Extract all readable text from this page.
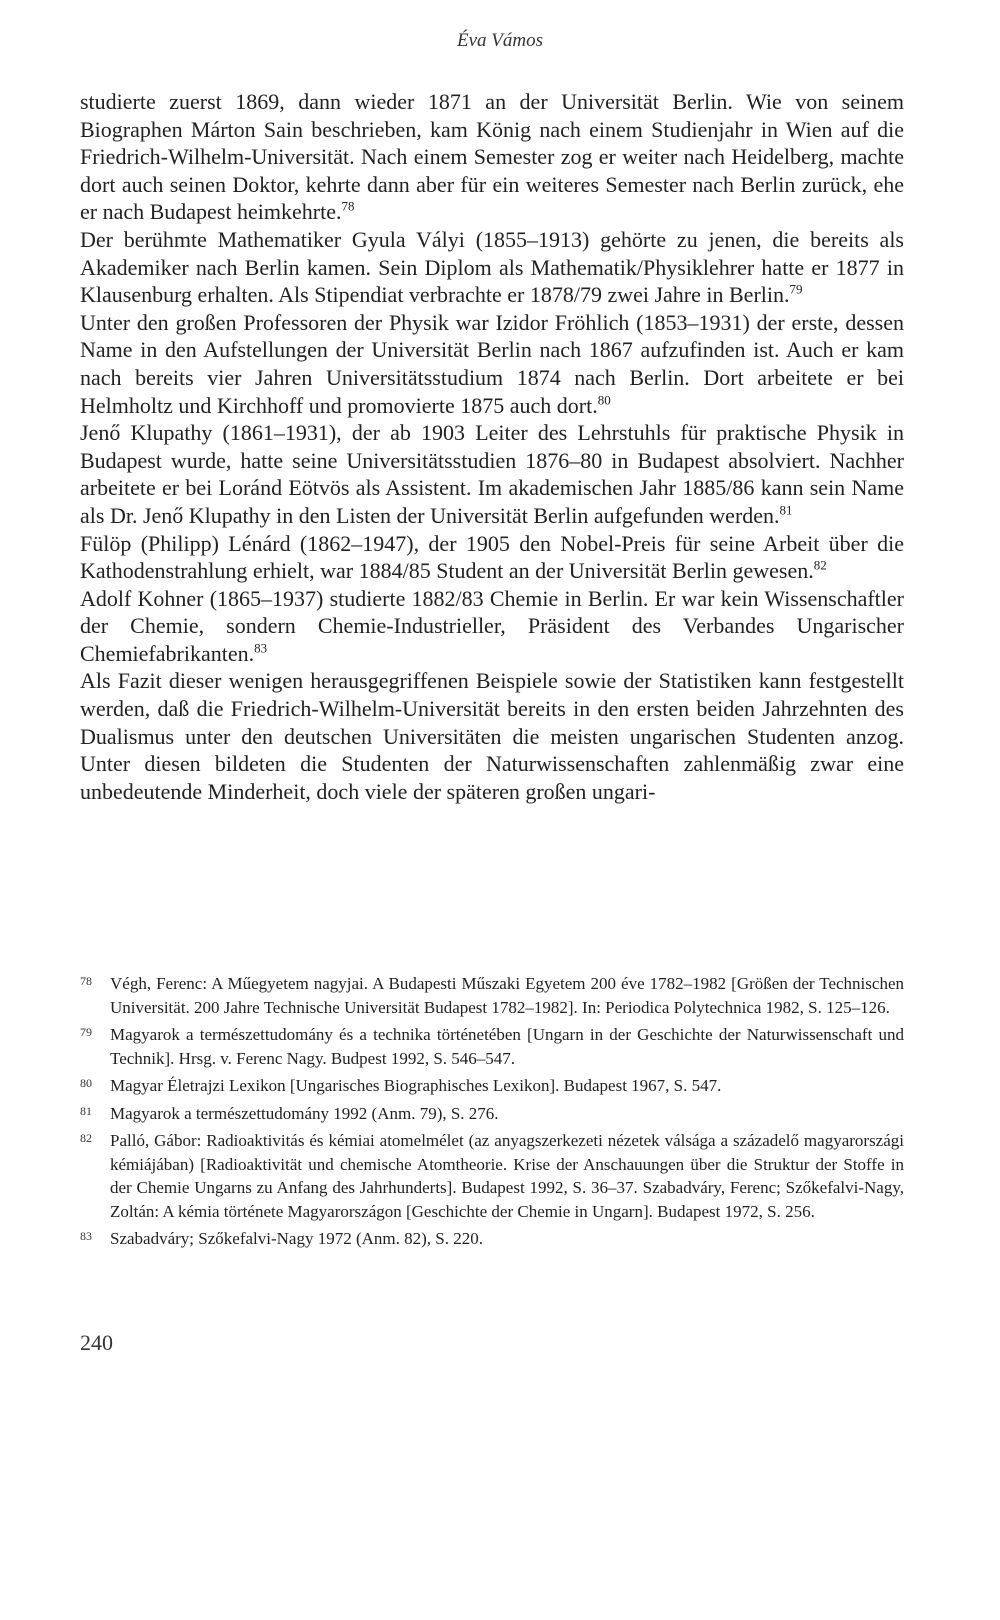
Éva Vámos

studierte zuerst 1869, dann wieder 1871 an der Universität Berlin. Wie von seinem Biographen Márton Sain beschrieben, kam König nach einem Studienjahr in Wien auf die Friedrich-Wilhelm-Universität. Nach einem Semester zog er weiter nach Heidelberg, machte dort auch seinen Doktor, kehrte dann aber für ein weiteres Semester nach Berlin zurück, ehe er nach Budapest heimkehrte.$^{78}$

Der berühmte Mathematiker Gyula Vályi (1855–1913) gehörte zu jenen, die bereits als Akademiker nach Berlin kamen. Sein Diplom als Mathematik/Physiklehrer hatte er 1877 in Klausenburg erhalten. Als Stipendiat verbrachte er 1878/79 zwei Jahre in Berlin.$^{79}$

Unter den großen Professoren der Physik war Izidor Fröhlich (1853–1931) der erste, dessen Name in den Aufstellungen der Universität Berlin nach 1867 aufzufinden ist. Auch er kam nach bereits vier Jahren Universitätsstudium 1874 nach Berlin. Dort arbeitete er bei Helmholtz und Kirchhoff und promovierte 1875 auch dort.$^{80}$

Jenő Klupathy (1861–1931), der ab 1903 Leiter des Lehrstuhls für praktische Physik in Budapest wurde, hatte seine Universitätsstudien 1876–80 in Budapest absolviert. Nachher arbeitete er bei Loránd Eötvös als Assistent. Im akademischen Jahr 1885/86 kann sein Name als Dr. Jenő Klupathy in den Listen der Universität Berlin aufgefunden werden.$^{81}$

Fülöp (Philipp) Lénárd (1862–1947), der 1905 den Nobel-Preis für seine Arbeit über die Kathodenstrahlung erhielt, war 1884/85 Student an der Universität Berlin gewesen.$^{82}$

Adolf Kohner (1865–1937) studierte 1882/83 Chemie in Berlin. Er war kein Wissenschaftler der Chemie, sondern Chemie-Industrieller, Präsident des Verbandes Ungarischer Chemiefabrikanten.$^{83}$

Als Fazit dieser wenigen herausgegriffenen Beispiele sowie der Statistiken kann festgestellt werden, daß die Friedrich-Wilhelm-Universität bereits in den ersten beiden Jahrzehnten des Dualismus unter den deutschen Universitäten die meisten ungarischen Studenten anzog. Unter diesen bildeten die Studenten der Naturwissenschaften zahlenmäßig zwar eine unbedeutende Minderheit, doch viele der späteren großen ungari-

78	Végh, Ferenc: A Műegyetem nagyjai. A Budapesti Műszaki Egyetem 200 éve 1782–1982 [Größen der Technischen Universität. 200 Jahre Technische Universität Budapest 1782–1982]. In: Periodica Polytechnica 1982, S. 125–126.
79	Magyarok a természettudomány és a technika történetében [Ungarn in der Geschichte der Naturwissenschaft und Technik]. Hrsg. v. Ferenc Nagy. Budpest 1992, S. 546–547.
80	Magyar Életrajzi Lexikon [Ungarisches Biographisches Lexikon]. Budapest 1967, S. 547.
81	Magyarok a természettudomány 1992 (Anm. 79), S. 276.
82	Palló, Gábor: Radioaktivitás és kémiai atomelmélet (az anyagszerkezeti nézetek válsága a századelő magyarországi kémiájában) [Radioaktivität und chemische Atomtheorie. Krise der Anschauungen über die Struktur der Stoffe in der Chemie Ungarns zu Anfang des Jahrhunderts]. Budapest 1992, S. 36–37. Szabadváry, Ferenc; Szőkefalvi-Nagy, Zoltán: A kémia története Magyarországon [Geschichte der Chemie in Ungarn]. Budapest 1972, S. 256.
83	Szabadváry; Szőkefalvi-Nagy 1972 (Anm. 82), S. 220.
240
